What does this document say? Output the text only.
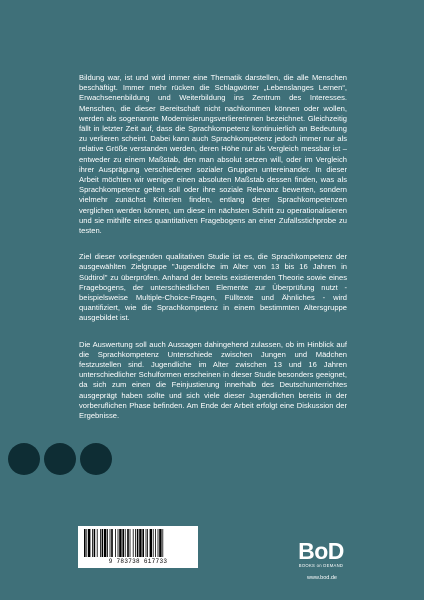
Bildung war, ist und wird immer eine Thematik darstellen, die alle Menschen beschäftigt. Immer mehr rücken die Schlagwörter „Lebenslanges Lernen“, Erwachsenenbildung und Weiterbildung ins Zentrum des Interesses. Menschen, die dieser Bereitschaft nicht nachkommen können oder wollen, werden als sogenannte Modernisierungsverliererinnen bezeichnet. Gleichzeitig fällt in letzter Zeit auf, dass die Sprachkompetenz kontinuierlich an Bedeutung zu verlieren scheint. Dabei kann auch Sprachkompetenz jedoch immer nur als relative Größe verstanden werden, deren Höhe nur als Vergleich messbar ist – entweder zu einem Maßstab, den man absolut setzen will, oder im Vergleich ihrer Ausprägung verschiedener sozialer Gruppen untereinander. In dieser Arbeit möchten wir weniger einen absoluten Maßstab dessen finden, was als Sprachkompetenz gelten soll oder ihre soziale Relevanz bewerten, sondern vielmehr zunächst Kriterien finden, entlang derer Sprachkompetenzen verglichen werden können, um diese im nächsten Schritt zu operationalisieren und sie mithilfe eines quantitativen Fragebogens an einer Zufallsstichprobe zu testen.

Ziel dieser vorliegenden qualitativen Studie ist es, die Sprachkompetenz der ausgewählten Zielgruppe "Jugendliche im Alter von 13 bis 16 Jahren in Südtirol" zu überprüfen. Anhand der bereits existierenden Theorie sowie eines Fragebogens, der unterschiedlichen Elemente zur Überprüfung nutzt - beispielsweise Multiple-Choice-Fragen, Fülltexte und Ähnliches - wird quantifiziert, wie die Sprachkompetenz in einem bestimmten Altersgruppe ausgebildet ist.

Die Auswertung soll auch Aussagen dahingehend zulassen, ob im Hinblick auf die Sprachkompetenz Unterschiede zwischen Jungen und Mädchen festzustellen sind. Jugendliche im Alter zwischen 13 und 16 Jahren unterschiedlicher Schulformen erscheinen in dieser Studie besonders geeignet, da sich zum einen die Feinjustierung innerhalb des Deutschunterrichtes ausgeprägt haben sollte und sich viele dieser Jugendlichen bereits in der vorberuflichen Phase befinden. Am Ende der Arbeit erfolgt eine Diskussion der Ergebnisse.

9 783738 617733	BoD
BOOKS on DEMAND
www.bod.de
